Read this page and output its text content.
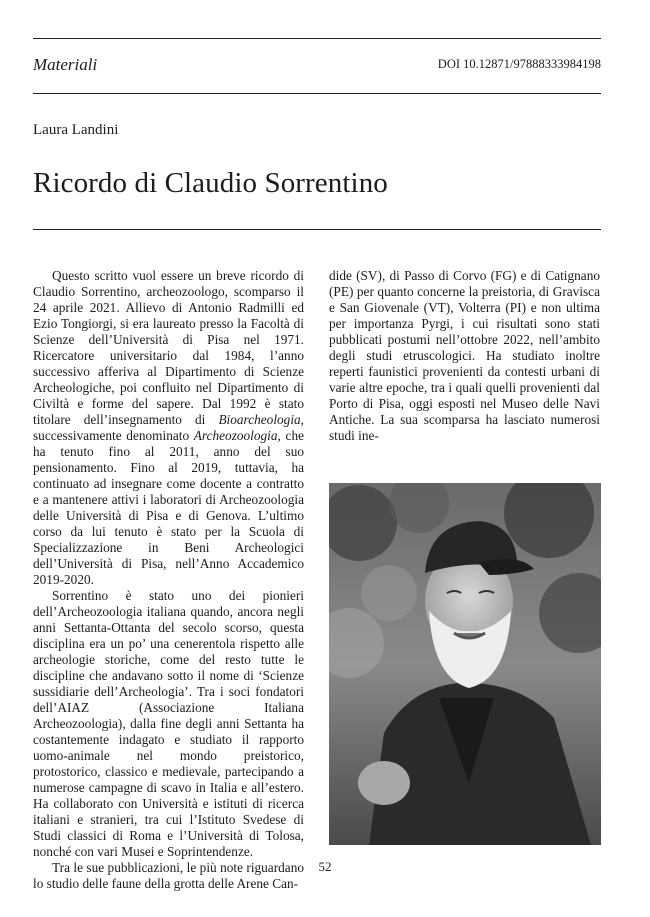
Materiali	DOI 10.12871/97888333984198
Laura Landini
Ricordo di Claudio Sorrentino

Questo scritto vuol essere un breve ricordo di Claudio Sorrentino, archeozoologo, scomparso il 24 aprile 2021. Allievo di Antonio Radmilli ed Ezio Tongiorgi, si era laureato presso la Facoltà di Scienze dell’Università di Pisa nel 1971. Ricercatore universitario dal 1984, l’anno successivo afferiva al Dipartimento di Scienze Archeologiche, poi confluito nel Dipartimento di Civiltà e forme del sapere. Dal 1992 è stato titolare dell’insegnamento di Bioarcheologia, successivamente denominato Archeozoologia, che ha tenuto fino al 2011, anno del suo pensionamento. Fino al 2019, tuttavia, ha continuato ad insegnare come docente a contratto e a mantenere attivi i laboratori di Archeozoologia delle Università di Pisa e di Genova. L’ultimo corso da lui tenuto è stato per la Scuola di Specializzazione in Beni Archeologici dell’Università di Pisa, nell’Anno Accademico 2019-2020.

Sorrentino è stato uno dei pionieri dell’Archeozoologia italiana quando, ancora negli anni Settanta-Ottanta del secolo scorso, questa disciplina era un po’ una cenerentola rispetto alle archeologie storiche, come del resto tutte le discipline che andavano sotto il nome di ‘Scienze sussidiarie dell’Archeologia’. Tra i soci fondatori dell’AIAZ (Associazione Italiana Archeozoologia), dalla fine degli anni Settanta ha costantemente indagato e studiato il rapporto uomo-animale nel mondo preistorico, protostorico, classico e medievale, partecipando a numerose campagne di scavo in Italia e all’estero. Ha collaborato con Università e istituti di ricerca italiani e stranieri, tra cui l’Istituto Svedese di Studi classici di Roma e l’Università di Tolosa, nonché con vari Musei e Soprintendenze.

Tra le sue pubblicazioni, le più note riguardano lo studio delle faune della grotta delle Arene Can-

dide (SV), di Passo di Corvo (FG) e di Catignano (PE) per quanto concerne la preistoria, di Gravisca e San Giovenale (VT), Volterra (PI) e non ultima per importanza Pyrgi, i cui risultati sono stati pubblicati postumi nell’ottobre 2022, nell’ambito degli studi etruscologici. Ha studiato inoltre reperti faunistici provenienti da contesti urbani di varie altre epoche, tra i quali quelli provenienti dal Porto di Pisa, oggi esposti nel Museo delle Navi Antiche. La sua scomparsa ha lasciato numerosi studi ine-

52
